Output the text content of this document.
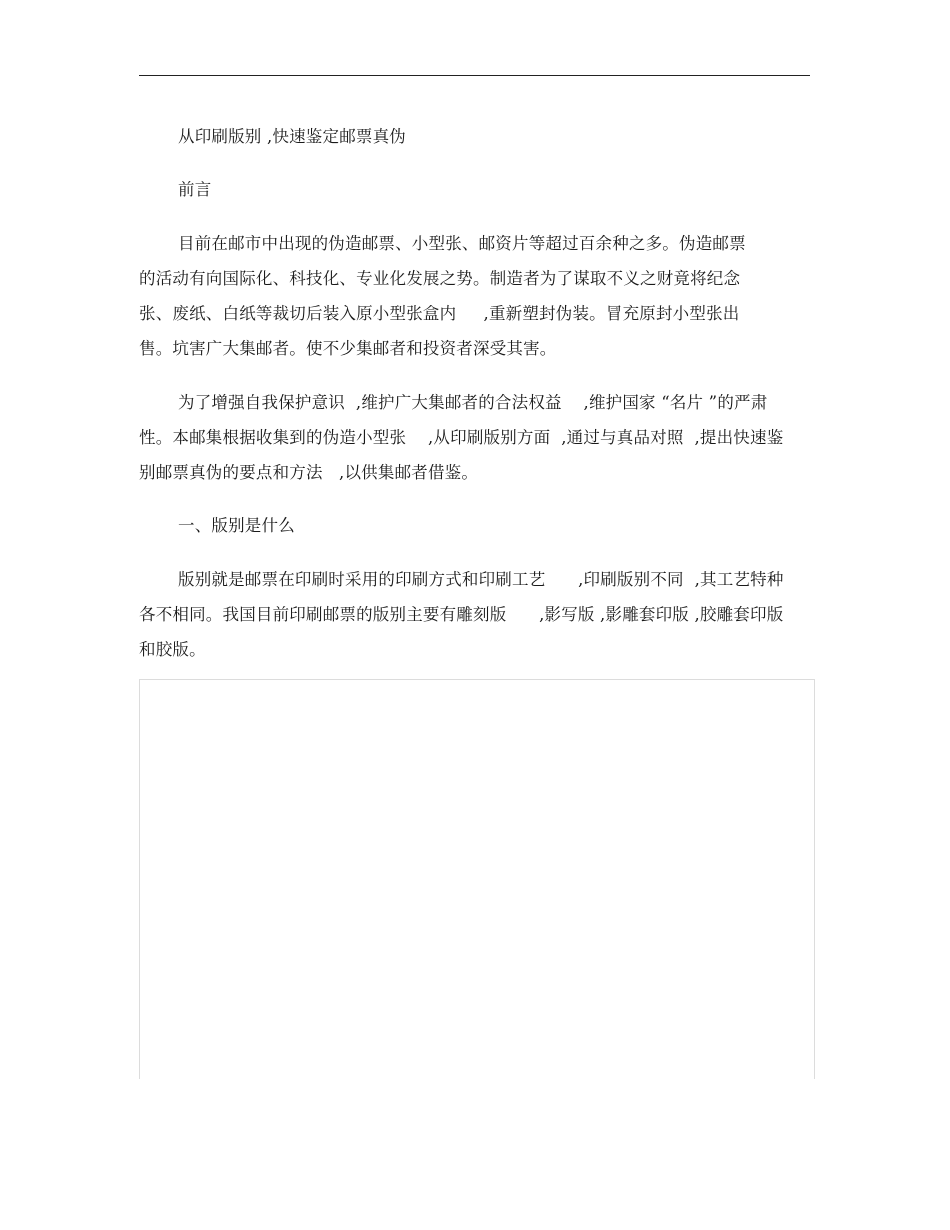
从印刷版别 ,快速鉴定邮票真伪
前言
目前在邮市中出现的伪造邮票、小型张、邮资片等超过百余种之多。伪造邮票
的活动有向国际化、科技化、专业化发展之势。制造者为了谋取不义之财竟将纪念
张、废纸、白纸等裁切后装入原小型张盒内     ,重新塑封伪装。冒充原封小型张出
售。坑害广大集邮者。使不少集邮者和投资者深受其害。
为了增强自我保护意识  ,维护广大集邮者的合法权益    ,维护国家 “名片 ”的严肃
性。本邮集根据收集到的伪造小型张    ,从印刷版别方面  ,通过与真品对照  ,提出快速鉴
别邮票真伪的要点和方法   ,以供集邮者借鉴。
一、版别是什么
版别就是邮票在印刷时采用的印刷方式和印刷工艺      ,印刷版别不同  ,其工艺特种
各不相同。我国目前印刷邮票的版别主要有雕刻版      ,影写版 ,影雕套印版 ,胶雕套印版
和胶版。
